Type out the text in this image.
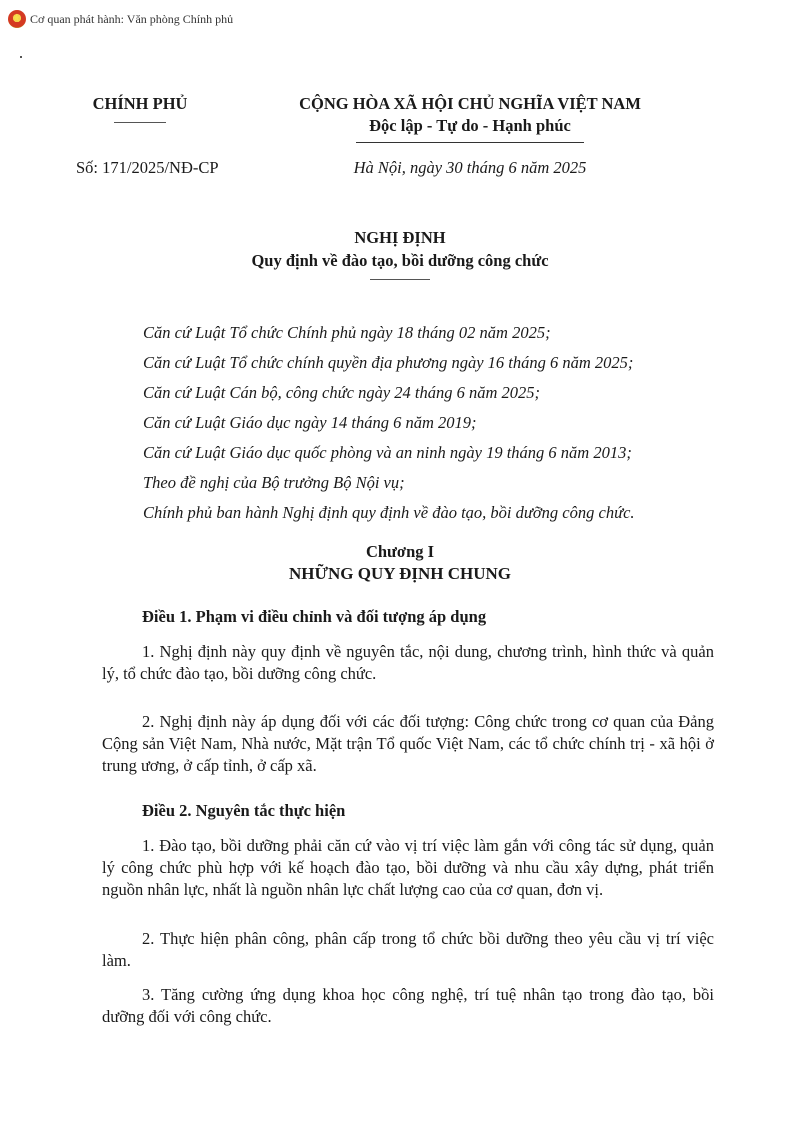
★
Cơ quan phát hành: Văn phòng Chính phủ
CHÍNH PHỦ	CỘNG HÒA XÃ HỘI CHỦ NGHĨA VIỆT NAM
Độc lập - Tự do - Hạnh phúc
Số: 171/2025/NĐ-CP	Hà Nội, ngày 30 tháng 6 năm 2025
NGHỊ ĐỊNH
Quy định về đào tạo, bồi dưỡng công chức
Căn cứ Luật Tổ chức Chính phủ ngày 18 tháng 02 năm 2025;
Căn cứ Luật Tổ chức chính quyền địa phương ngày 16 tháng 6 năm 2025;
Căn cứ Luật Cán bộ, công chức ngày 24 tháng 6 năm 2025;
Căn cứ Luật Giáo dục ngày 14 tháng 6 năm 2019;
Căn cứ Luật Giáo dục quốc phòng và an ninh ngày 19 tháng 6 năm 2013;
Theo đề nghị của Bộ trưởng Bộ Nội vụ;
Chính phủ ban hành Nghị định quy định về đào tạo, bồi dưỡng công chức.
Chương I
NHỮNG QUY ĐỊNH CHUNG
Điều 1. Phạm vi điều chỉnh và đối tượng áp dụng
1. Nghị định này quy định về nguyên tắc, nội dung, chương trình, hình thức và quản lý, tổ chức đào tạo, bồi dưỡng công chức.
2. Nghị định này áp dụng đối với các đối tượng: Công chức trong cơ quan của Đảng Cộng sản Việt Nam, Nhà nước, Mặt trận Tổ quốc Việt Nam, các tổ chức chính trị - xã hội ở trung ương, ở cấp tỉnh, ở cấp xã.
Điều 2. Nguyên tắc thực hiện
1. Đào tạo, bồi dưỡng phải căn cứ vào vị trí việc làm gắn với công tác sử dụng, quản lý công chức phù hợp với kế hoạch đào tạo, bồi dưỡng và nhu cầu xây dựng, phát triển nguồn nhân lực, nhất là nguồn nhân lực chất lượng cao của cơ quan, đơn vị.
2. Thực hiện phân công, phân cấp trong tổ chức bồi dưỡng theo yêu cầu vị trí việc làm.
3. Tăng cường ứng dụng khoa học công nghệ, trí tuệ nhân tạo trong đào tạo, bồi dưỡng đối với công chức.
